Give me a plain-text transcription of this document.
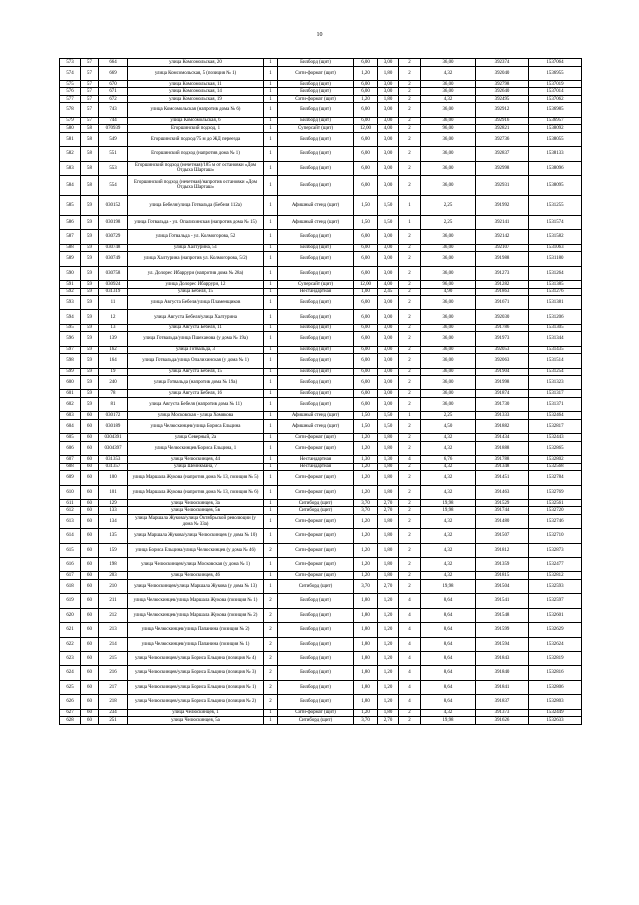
10
573	57	664	улица Комсомольская, 20	1	Билборд (щит)	6,00	3,00	2	36,00	392374	1537064
574	57	669	улица Комсомольская, 5 (позиция № 1)	1	Сити-формат (щит)	1,20	1,80	2	4,32	392040	1536955
575	57	670	улица Комсомольская, 11	1	Билборд (щит)	6,00	3,00	2	36,00	392798	1537019
576	57	671	улица Комсомольская, 14	1	Билборд (щит)	6,00	3,00	2	36,00	392640	1537014
577	57	672	улица Комсомольская, 19	1	Сити-формат (щит)	1,20	1,80	2	4,32	392495	1537062
578	57	743	улица Комсомольская (напротив дома № 6)	1	Билборд (щит)	6,00	3,00	2	36,00	392912	1536985
579	57	744	улица Комсомольская, 6	1	Билборд (щит)	6,00	3,00	2	36,00	392916	1536957
580	58	070939	Егоршинский подход, 1	1	Суперсайт (щит)	12,00	4,00	2	96,00	392821	1538092
581	58	549	Егоршинский подход/75 м до ЖД переезда	1	Билборд (щит)	6,00	3,00	2	36,00	392736	1538055
582	58	551	Егоршинский подход (напротив дома № 1)	1	Билборд (щит)	6,00	3,00	2	36,00	392837	1538133
583	58	553	Егоршинский подход (нечетная)/185 м от остановки «Дом Отдыха Шарташ»	1	Билборд (щит)	6,00	3,00	2	36,00	392998	1538096
584	58	554	Егоршинский подход (нечетная)/напротив остановки «Дом Отдыха Шарташ»	1	Билборд (щит)	6,00	3,00	2	36,00	392931	1538095
585	59	030152	улица Бебеля/улица Готвальда (Бебеля 112а)	1	Афишный стенд (щит)	1,50	1,50	1	2,25	391992	1531255
586	59	030198	улица Готвальда - ул. Опалихинская (напротив дома № 15)	1	Афишный стенд (щит)	1,50	1,50	1	2,25	392141	1531574
587	59	030729	улица Готвальда - ул. Колмогорова, 52	1	Билборд (щит)	6,00	3,00	2	36,00	392142	1531582
588	59	030748	улица Халтурина, 51	1	Билборд (щит)	6,00	3,00	2	36,00	392107	1531063
589	59	030749	улица Халтурина (напротив ул. Колмогорова, 5/2)	1	Билборд (щит)	6,00	3,00	2	36,00	391988	1531180
590	59	030758	ул. Долорес Ибаррури (напротив дома № 28а)	1	Билборд (щит)	6,00	3,00	2	36,00	391273	1531264
591	59	030924	улица Долорес Ибаррури, 12	1	Суперсайт (щит)	12,00	4,00	2	96,00	391282	1531385
592	59	031319	улица Бебеля, 15	1	Нестандартная	1,00	2,45	2	4,90	391863	1531276
593	59	11	улица Августа Бебеля/улица Пламенщиков	1	Билборд (щит)	6,00	3,00	2	36,00	391671	1531381
594	59	12	улица Августа Бебеля/улица Халтурина	1	Билборд (щит)	6,00	3,00	2	36,00	392030	1531206
595	59	13	улица Августа Бебеля, 11	1	Билборд (щит)	6,00	3,00	2	36,00	391786	1531305
596	59	139	улица Готвальда/улица Пшеханова (у дома № 19а)	1	Билборд (щит)	6,00	3,00	2	36,00	391973	1531344
597	59	162	улица Готвальда, 3	1	Билборд (щит)	6,00	3,00	2	36,00	392053	1531435
598	59	164	улица Готвальда/улица Опалихинская (у дома № 1)	1	Билборд (щит)	6,00	3,00	2	36,00	392063	1531514
599	59	19	улица Августа Бебеля, 15	1	Билборд (щит)	6,00	3,00	2	36,00	391904	1531254
600	59	240	улица Готвальда (напротив дома № 19а)	1	Билборд (щит)	6,00	3,00	2	36,00	391998	1531323
601	59	78	улица Августа Бебеля, 16	1	Билборд (щит)	6,00	3,00	2	36,00	391874	1531317
602	59	81	улица Августа Бебеля (напротив дома № 11)	1	Билборд (щит)	6,00	3,00	2	36,00	391730	1531371
603	60	030172	улица Московская - улица Хомякова	1	Афишный стенд (щит)	1,50	1,50	1	2,25	391333	1532464
604	60	030189	улица Челюскинцев/улица Бориса Ельцина	1	Афишный стенд (щит)	1,50	1,50	2	4,50	391882	1532817
605	60	0304391	улица Северный, 2а	1	Сити-формат (щит)	1,20	1,80	2	4,32	391434	1532443
606	60	0304397	улица Челюскинцев/Бориса Ельцина, 1	1	Сити-формат (щит)	1,20	1,80	2	4,32	391888	1532865
607	60	031353	улица Челюскинцев, 44	1	Нестандартная	1,30	1,30	4	6,76	391788	1532802
608	60	031357	улица Шейнкмана, 7	1	Нестандартная	1,20	1,80	2	4,32	391348	1532568
609	60	100	улица Маршала Жукова (напротив дома № 13, позиция № 5)	1	Сити-формат (щит)	1,20	1,80	2	4,32	391451	1532784
610	60	101	улица Маршала Жукова (напротив дома № 13, позиция № 6)	1	Сити-формат (щит)	1,20	1,80	2	4,32	391463	1532769
611	60	129	улица Челюскинцев, 3а	1	Ситиборд (щит)	3,70	2,70	2	19,98	391529	1532561
612	60	133	улица Челюскинцев, 5в	1	Ситиборд (щит)	3,70	2,70	2	19,98	391744	1532720
613	60	134	улица Маршала Жукова/улица Октябрьской революции (у дома № 33а)	1	Сити-формат (щит)	1,20	1,80	2	4,32	391480	1532746
614	60	135	улица Маршала Жукова/улица Челюскинцев (у дома № 10)	1	Сити-формат (щит)	1,20	1,80	2	4,32	391507	1532710
615	60	159	улица Бориса Ельцина/улица Челюскинцев (у дома № 46)	2	Сити-формат (щит)	1,20	1,80	2	4,32	391812	1532873
616	60	198	улица Челюскинцев/улица Московская (у дома № 1)	1	Сити-формат (щит)	1,20	1,80	2	4,32	391359	1532477
617	60	203	улица Челюскинцев, 46	1	Сити-формат (щит)	1,20	1,80	2	4,32	391815	1532812
618	60	210	улица Челюскинцев/улица Маршала Жукова (у дома № 13)	1	Ситиборд (щит)	3,70	2,70	2	19,98	391504	1532593
619	60	211	улица Челюскинцев/улица Маршала Жукова (позиция № 1)	2	Билборд (щит)	1,80	1,20	4	8,64	391541	1532597
620	60	212	улица Челюскинцев/улица Маршала Жукова (позиция № 2)	2	Билборд (щит)	1,80	1,20	4	8,64	391548	1532601
621	60	213	улица Челюскинцев/улица Папанина (позиция № 2)	2	Билборд (щит)	1,80	1,20	4	8,64	391599	1532629
622	60	214	улица Челюскинцев/улица Папанина (позиция № 1)	2	Билборд (щит)	1,80	1,20	4	8,64	391594	1532624
623	60	215	улица Челюскинцев/улица Бориса Ельцина (позиция № 4)	2	Билборд (щит)	1,80	1,20	4	8,64	391843	1532819
624	60	216	улица Челюскинцев/улица Бориса Ельцина (позиция № 3)	2	Билборд (щит)	1,80	1,20	4	8,64	391840	1532816
625	60	217	улица Челюскинцев/улица Бориса Ельцина (позиция № 1)	2	Билборд (щит)	1,80	1,20	4	8,64	391841	1532806
626	60	218	улица Челюскинцев/улица Бориса Ельцина (позиция № 2)	2	Билборд (щит)	1,80	1,20	4	8,64	391837	1532803
627	60	234	улица Челюскинцев, 1	1	Сити-формат (щит)	1,20	1,80	2	4,32	391373	1532449
628	60	251	улица Челюскинцев, 5а	1	Ситиборд (щит)	3,70	2,70	2	19,98	391626	1532633
